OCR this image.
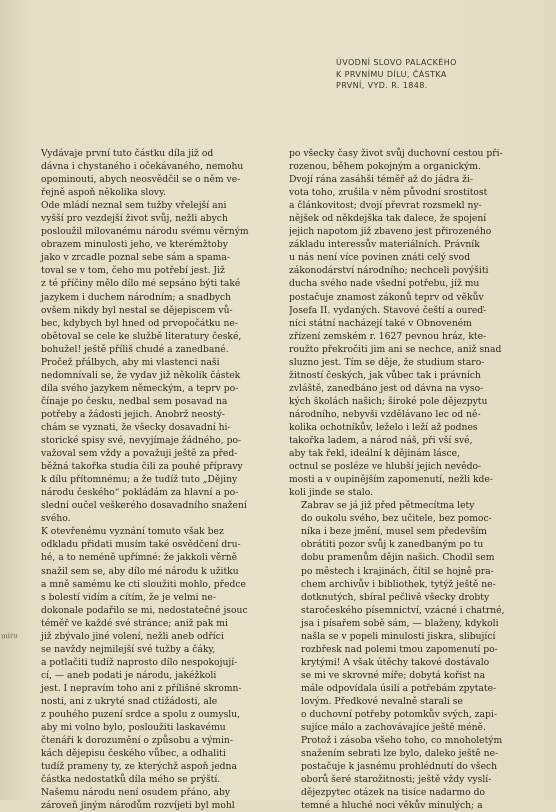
ÚVODNÍ SLOVO PALACKÉHO
K PRVNÍMU DÍLU, ČÁSTKA
PRVNÍ, VYD. R. 1848.
míru

Vydávaje první tuto částku díla již od
dávna i chystaného i očekávaného, nemohu
opominouti, abych neosvědčil se o něm ve-
řejně aspoň několika slovy.

Ode mládí neznal sem tužby vřelejší ani
vyšší pro vezdejší život svůj, nežli abych
posloužil milovanému národu svému věrným
obrazem minulosti jeho, ve kterémžtoby
jako v zrcadle poznal sebe sám a spama-
toval se v tom, čeho mu potřebí jest. Již
z té příčiny mělo dílo mé sepsáno býti také
jazykem i duchem národním; a snadbych
ovšem nikdy byl nestal se dějepiscem vů-
bec, kdybych byl hned od prvopočátku ne-
obětoval se cele ke službě literatury české,
bohužel! ještě příliš chudé a zanedbané.

Pročež přálbych, aby mi vlastenci naši
nedomnívali se, že vydav již několik částek
díla svého jazykem německým, a teprv po-
čínaje po česku, nedbal sem posavad na
potřeby a žádosti jejich. Anobrž neostý-
chám se vyznati, že všecky dosavadní hi-
storické spisy své, nevyjímaje žádného, po-
važoval sem vždy a považuji ještě za před-
běžná takořka studia čili za pouhé přípravy
k dílu přítomnému; a že tudíž tuto „Dějiny
národu českého“ pokládám za hlavní a po-
slední oučel veškerého dosavadního snažení
svého.

K otevřenému vyznání tomuto však bez
odkladu přidati musím také osvědčení dru-
hé, a to neméně upřímné: že jakkoli věrně
snažil sem se, aby dílo mé národu k užitku
a mně samému ke cti sloužiti mohlo, předce
s bolestí vidím a cítím, že je velmi ne-
dokonale podařilo se mi, nedostatečné jsouc
téměř ve každé své stránce; aniž pak mi
již zbývalo jiné volení, nežli aneb odříci
se navždy nejmilejší své tužby a čáky,
a potlačiti tudíž naprosto dílo nespokojují-
cí, — aneb podati je národu, jakéžkoli
jest. I nepravím toho ani z přílišné skromn-
nosti, ani z ukryté snad ctižádosti, ale
z pouhého puzení srdce a spolu z oumyslu,
aby mi volno bylo, posloužiti laskavému
čtenáři k dorozumění o způsobu a výmin-
kách dějepisu českého vůbec, a odhaliti
tudíž prameny ty, ze kterýchž aspoň jedna
částka nedostatků díla mého se prýští.

Našemu národu není osudem přáno, aby
zároveň jiným národům rozvíjeti byl mohl

po všecky časy život svůj duchovní cestou při-
rozenou, během pokojným a organickým.
Dvojí rána zasáhši téměř až do jádra ži-
vota toho, zrušila v něm původní srostitost
a článkovitost; dvojí převrat rozsmekl ny-
nějšek od někdejška tak dalece, že spojení
jejich napotom již zbaveno jest přirozeného
základu interessův materiálních. Právník
u nás není více povinen znáti celý svod
zákonodárství národního; nechceli povýšiti
ducha svého nade všední potřebu, jíž mu
postačuje znamost zákonů teprv od věkův
Josefa II. vydaných. Stavové čeští a oureď-
níci státní nacházejí také v Obnoveném
zřízení zemském r. 1627 pevnou hráz, kte-
roužto překročiti jim ani se nechce, aniž snad
sluzno jest. Tím se děje, že studium staro-
žitností českých, jak vůbec tak i právních
zvláště, zanedbáno jest od dávna na vyso-
kých školách našich; široké pole dějezpytu
národního, nebyvši vzdělávano lec od ně-
kolika ochotníkův, leželo i leží až podnes
takořka ladem, a národ náš, při vší své,
aby tak řekl, ideální k dějinám lásce,
octnul se posléze ve hlubší jejich nevědo-
mosti a v oupinějším zapomenutí, nežli kde-
koli jinde se stalo.

Zabrav se já již před pětmecítma lety
do oukolu svého, bez učitele, bez pomoc-
níka i beze jmění, musel sem především
obrátiti pozor svůj k zanedbaným po tu
dobu pramenům dějin našich. Chodil sem
po městech i krajinách, čítil se hojně pra-
chem archivův i bibliothek, tytýž ještě ne-
dotknutých, sbíral pečlivě všecky drobty
staročeského písemnictví, vzácné i chatrné,
jsa i písařem sobě sám, — blaženy, kdykoli
našla se v popeli minulosti jiskra, slibující
rozbřesk nad polemi tmou zapomenutí po-
krytými! A však útěchy takové dostávalo
se mi ve skrovné míře; dobytá kořist na
mále odpovídala úsilí a potřebám zpytate-
lovým. Předkové nevalně starali se
o duchovní potřeby potomkův svých, zapi-
sujíce málo a zachovávajíce ještě méně.
Protož i zásoba všeho toho, co mnoholetým
snažením sebrati lze bylo, daleko ještě ne-
postačuje k jasnému prohlédnutí do všech
oborů šeré starožitnosti; ještě vždy vyslí-
dějezpytec otázek na tisíce nadarmo do
temné a hluché noci věkův minulých; a
